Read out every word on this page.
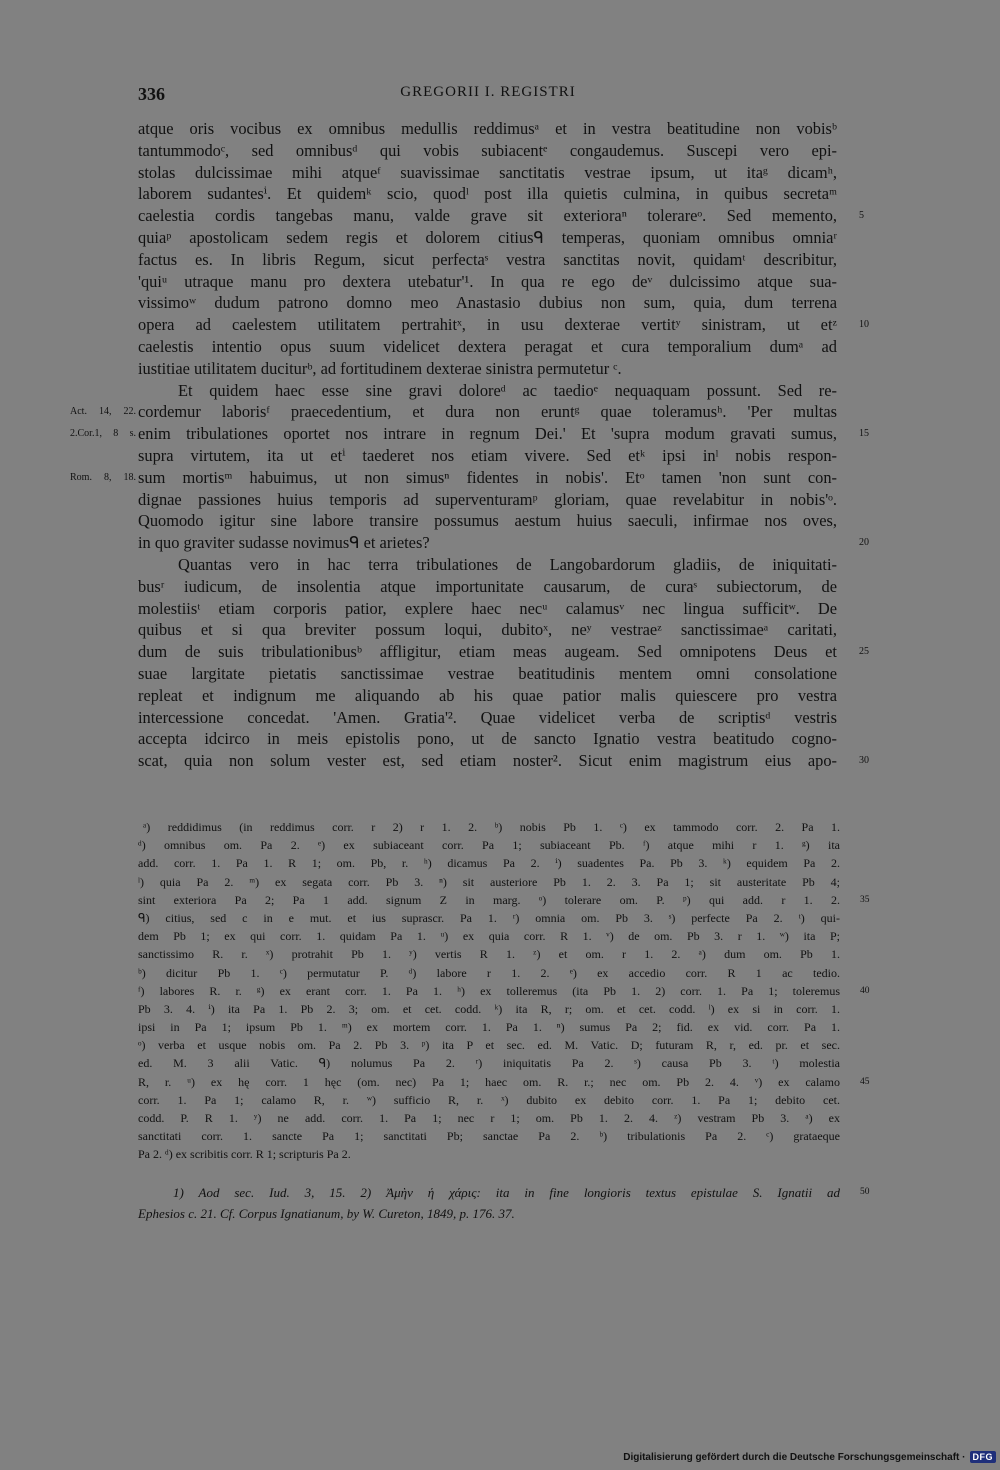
336	GREGORII I. REGISTRI
atque oris vocibus ex omnibus medullis reddimusᵃ et in vestra beatitudine non vobisᵇ
tantummodoᶜ, sed omnibusᵈ qui vobis subiacentᵉ congaudemus. Suscepi vero epi-
stolas dulcissimae mihi atqueᶠ suavissimae sanctitatis vestrae ipsum, ut itaᵍ dicamʰ,
laborem sudantesⁱ. Et quidemᵏ scio, quodˡ post illa quietis culmina, in quibus secretaᵐ
caelestia cordis tangebas manu, valde grave sit exterioraⁿ tolerareᵒ. Sed memento, 5
quiaᵖ apostolicam sedem regis et dolorem citiusᑫ temperas, quoniam omnibus omniaʳ
factus es. In libris Regum, sicut perfectaˢ vestra sanctitas novit, quidamᵗ describitur,
'quiᵘ utraque manu pro dextera utebatur'¹. In qua re ego deᵛ dulcissimo atque sua-
vissimoʷ dudum patrono domno meo Anastasio dubius non sum, quia, dum terrena
opera ad caelestem utilitatem pertrahitˣ, in usu dexterae vertitʸ sinistram, ut etᶻ 10
caelestis intentio opus suum videlicet dextera peragat et cura temporalium dumᵃ ad
iustitiae utilitatem duciturᵇ, ad fortitudinem dexterae sinistra permutetur ᶜ.
Et quidem haec esse sine gravi doloreᵈ ac taedioᵉ nequaquam possunt. Sed re-
cordemur laborisᶠ praecedentium, et dura non eruntᵍ quae toleramusʰ. 'Per multas
Act. 14, 22.
enim tribulationes oportet nos intrare in regnum Dei.' Et 'supra modum gravati sumus,
2.Cor.1, 8 s.	15
supra virtutem, ita ut etⁱ taederet nos etiam vivere. Sed etᵏ ipsi inˡ nobis respon-
sum mortisᵐ habuimus, ut non simusⁿ fidentes in nobis'. Etᵒ tamen 'non sunt con-
Rom. 8, 18.
dignae passiones huius temporis ad superventuramᵖ gloriam, quae revelabitur in nobis'ᵒ.
Quomodo igitur sine labore transire possumus aestum huius saeculi, infirmae nos oves,
in quo graviter sudasse novimusᑫ et arietes?	20
Quantas vero in hac terra tribulationes de Langobardorum gladiis, de iniquitati-
busʳ iudicum, de insolentia atque importunitate causarum, de curaˢ subiectorum, de
molestiisᵗ etiam corporis patior, explere haec necᵘ calamusᵛ nec lingua sufficitʷ. De
quibus et si qua breviter possum loqui, dubitoˣ, neʸ vestraeᶻ sanctissimaeᵃ caritati,
dum de suis tribulationibusᵇ affligitur, etiam meas augeam. Sed omnipotens Deus et 25
suae largitate pietatis sanctissimae vestrae beatitudinis mentem omni consolatione
repleat et indignum me aliquando ab his quae patior malis quiescere pro vestra
intercessione concedat. 'Amen. Gratia'². Quae videlicet verba de scriptisᵈ vestris
accepta idcirco in meis epistolis pono, ut de sancto Ignatio vestra beatitudo cogno-
scat, quia non solum vester est, sed etiam noster². Sicut enim magistrum eius apo- 30
ᵃ) reddidimus (in reddimus corr. r 2) r 1. 2. ᵇ) nobis Pb 1. ᶜ) ex tammodo corr. 2. Pa 1.
ᵈ) omnibus om. Pa 2. ᵉ) ex subiaceant corr. Pa 1; subiaceant Pb. ᶠ) atque mihi r 1. ᵍ) ita
add. corr. 1. Pa 1. R 1; om. Pb, r. ʰ) dicamus Pa 2. ⁱ) suadentes Pa. Pb 3. ᵏ) equidem Pa 2.
ˡ) quia Pa 2. ᵐ) ex segata corr. Pb 3. ⁿ) sit austeriore Pb 1. 2. 3. Pa 1; sit austeritate Pb 4;
sint exteriora Pa 2; Pa 1 add. signum Z in marg. ᵒ) tolerare om. P. ᵖ) qui add. r 1. 2. 35
ᑫ) citius, sed c in e mut. et ius suprascr. Pa 1. ʳ) omnia om. Pb 3. ˢ) perfecte Pa 2. ᵗ) qui-
dem Pb 1; ex qui corr. 1. quidam Pa 1. ᵘ) ex quia corr. R 1. ᵛ) de om. Pb 3. r 1. ʷ) ita P;
sanctissimo R. r. ˣ) protrahit Pb 1. ʸ) vertis R 1. ᶻ) et om. r 1. 2. ᵃ) dum om. Pb 1.
ᵇ) dicitur Pb 1. ᶜ) permutatur P. ᵈ) labore r 1. 2. ᵉ) ex accedio corr. R 1 ac tedio.
ᶠ) labores R. r. ᵍ) ex erant corr. 1. Pa 1. ʰ) ex tolleremus (ita Pb 1. 2) corr. 1. Pa 1; toleremus 40
Pb 3. 4. ⁱ) ita Pa 1. Pb 2. 3; om. et cet. codd. ᵏ) ita R, r; om. et cet. codd. ˡ) ex si in corr. 1.
ipsi in Pa 1; ipsum Pb 1. ᵐ) ex mortem corr. 1. Pa 1. ⁿ) sumus Pa 2; fid. ex vid. corr. Pa 1.
ᵒ) verba et usque nobis om. Pa 2. Pb 3. ᵖ) ita P et sec. ed. M. Vatic. D; futuram R, r, ed. pr. et sec.
ed. M. 3 alii Vatic. ᑫ) nolumus Pa 2. ʳ) iniquitatis Pa 2. ˢ) causa Pb 3. ᵗ) molestia
R, r. ᵘ) ex hę corr. 1 hęc (om. nec) Pa 1; haec om. R. r.; nec om. Pb 2. 4. ᵛ) ex calamo 45
corr. 1. Pa 1; calamo R, r. ʷ) sufficio R, r. ˣ) dubito ex debito corr. 1. Pa 1; debito cet.
codd. P. R 1. ʸ) ne add. corr. 1. Pa 1; nec r 1; om. Pb 1. 2. 4. ᶻ) vestram Pb 3. ᵃ) ex
sanctitati corr. 1. sancte Pa 1; sanctitati Pb; sanctae Pa 2. ᵇ) tribulationis Pa 2. ᶜ) grataeque
Pa 2. ᵈ) ex scribitis corr. R 1; scripturis Pa 2.
1) Aod sec. Iud. 3, 15. 2) Ἀμὴν ἡ χάρις: ita in fine longioris textus epistulae S. Ignatii ad 50
Ephesios c. 21. Cf. Corpus Ignatianum, by W. Cureton, 1849, p. 176. 37.
Digitalisierung gefördert durch die Deutsche Forschungsgemeinschaft · DFG
